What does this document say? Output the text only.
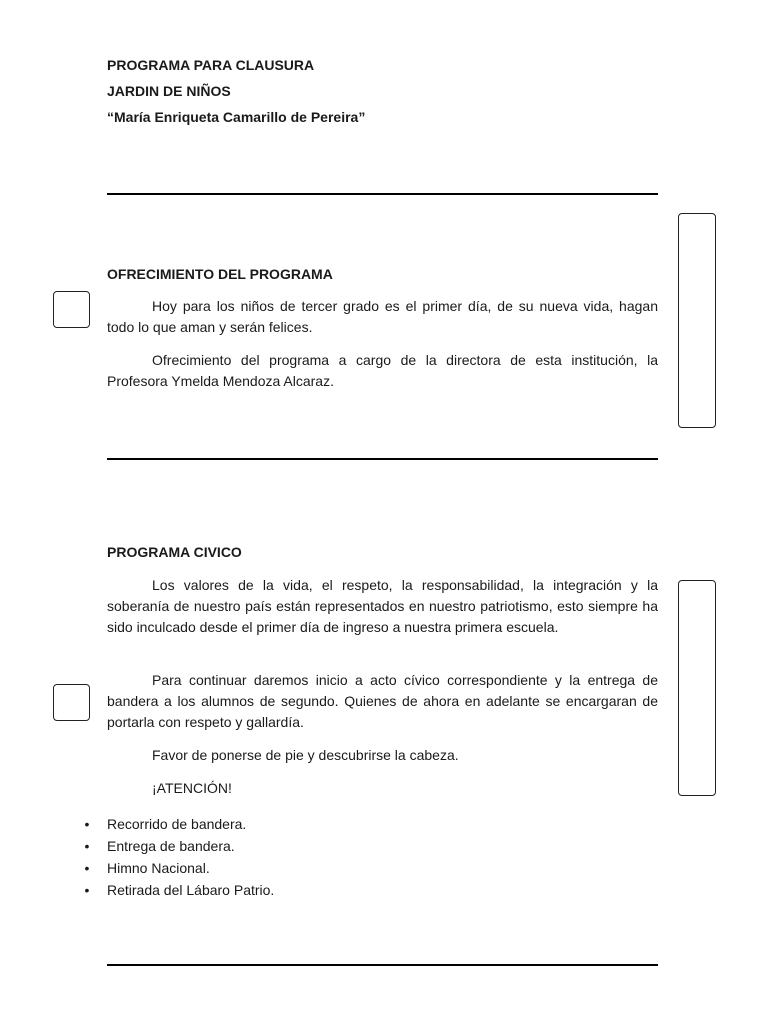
PROGRAMA PARA CLAUSURA

JARDIN DE NIÑOS

“María Enriqueta Camarillo de Pereira”

OFRECIMIENTO DEL PROGRAMA

Hoy para los niños de tercer grado es el primer día, de su nueva vida, hagan todo lo que aman y serán felices.

Ofrecimiento del programa a cargo de la directora de esta institución, la Profesora Ymelda Mendoza Alcaraz.

PROGRAMA CIVICO

Los valores de la vida, el respeto, la responsabilidad, la integración y la soberanía de nuestro país están representados en nuestro patriotismo, esto siempre ha sido inculcado desde el primer día de ingreso a nuestra primera escuela.

Para continuar daremos inicio a acto cívico correspondiente y la entrega de bandera a los alumnos de segundo. Quienes de ahora en adelante se encargaran de portarla con respeto y gallardía.

Favor de ponerse de pie y descubrirse la cabeza.

¡ATENCIÓN!

• Recorrido de bandera.
• Entrega de bandera.
• Himno Nacional.
• Retirada del Lábaro Patrio.
